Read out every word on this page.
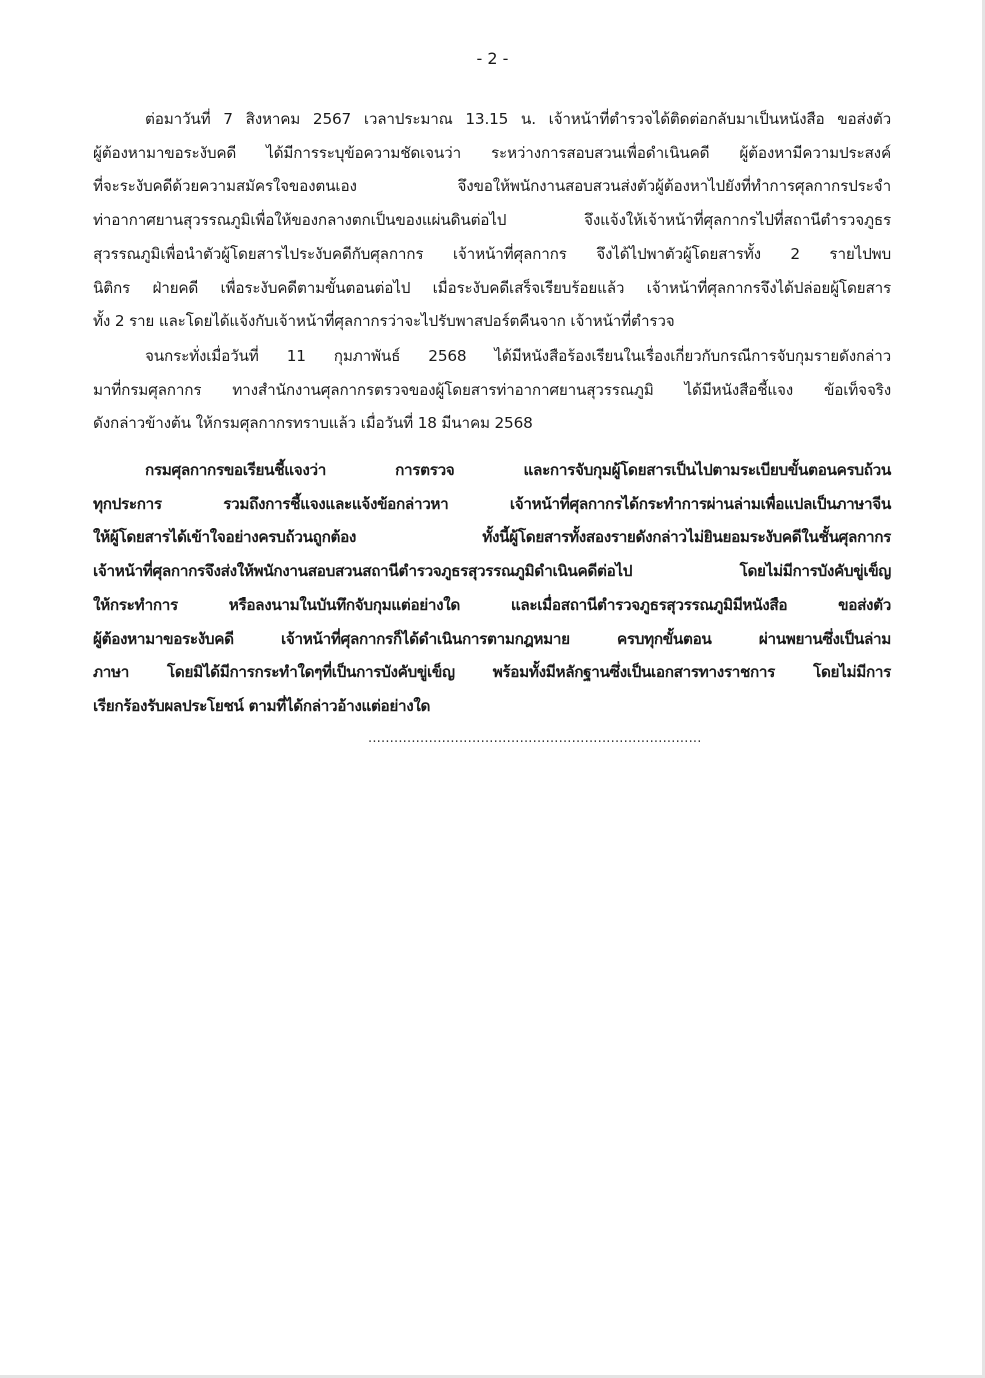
- 2 -
ต่อมาวันที่ 7 สิงหาคม 2567 เวลาประมาณ 13.15 น. เจ้าหน้าที่ตำรวจได้ติดต่อกลับมาเป็นหนังสือ ขอส่งตัว
ผู้ต้องหามาขอระงับคดี ได้มีการระบุข้อความชัดเจนว่า ระหว่างการสอบสวนเพื่อดำเนินคดี ผู้ต้องหามีความประสงค์
ที่จะระงับคดีด้วยความสมัครใจของตนเอง จึงขอให้พนักงานสอบสวนส่งตัวผู้ต้องหาไปยังที่ทำการศุลกากรประจำ
ท่าอากาศยานสุวรรณภูมิเพื่อให้ของกลางตกเป็นของแผ่นดินต่อไป จึงแจ้งให้เจ้าหน้าที่ศุลกากรไปที่สถานีตำรวจภูธร
สุวรรณภูมิเพื่อนำตัวผู้โดยสารไประงับคดีกับศุลกากร เจ้าหน้าที่ศุลกากร จึงได้ไปพาตัวผู้โดยสารทั้ง 2 รายไปพบ
นิติกร ฝ่ายคดี เพื่อระงับคดีตามขั้นตอนต่อไป เมื่อระงับคดีเสร็จเรียบร้อยแล้ว เจ้าหน้าที่ศุลกากรจึงได้ปล่อยผู้โดยสาร
ทั้ง 2 ราย และโดยได้แจ้งกับเจ้าหน้าที่ศุลกากรว่าจะไปรับพาสปอร์ตคืนจาก เจ้าหน้าที่ตำรวจ
จนกระทั่งเมื่อวันที่ 11 กุมภาพันธ์ 2568 ได้มีหนังสือร้องเรียนในเรื่องเกี่ยวกับกรณีการจับกุมรายดังกล่าว
มาที่กรมศุลกากร ทางสำนักงานศุลกากรตรวจของผู้โดยสารท่าอากาศยานสุวรรณภูมิ ได้มีหนังสือชี้แจง ข้อเท็จจริง
ดังกล่าวข้างต้น ให้กรมศุลกากรทราบแล้ว เมื่อวันที่ 18 มีนาคม 2568
กรมศุลกากรขอเรียนชี้แจงว่า การตรวจ และการจับกุมผู้โดยสารเป็นไปตามระเบียบขั้นตอนครบถ้วน
ทุกประการ รวมถึงการชี้แจงและแจ้งข้อกล่าวหา เจ้าหน้าที่ศุลกากรได้กระทำการผ่านล่ามเพื่อแปลเป็นภาษาจีน
ให้ผู้โดยสารได้เข้าใจอย่างครบถ้วนถูกต้อง ทั้งนี้ผู้โดยสารทั้งสองรายดังกล่าวไม่ยินยอมระงับคดีในชั้นศุลกากร
เจ้าหน้าที่ศุลกากรจึงส่งให้พนักงานสอบสวนสถานีตำรวจภูธรสุวรรณภูมิดำเนินคดีต่อไป โดยไม่มีการบังคับขู่เข็ญ
ให้กระทำการ หรือลงนามในบันทึกจับกุมแต่อย่างใด และเมื่อสถานีตำรวจภูธรสุวรรณภูมิมีหนังสือ ขอส่งตัว
ผู้ต้องหามาขอระงับคดี เจ้าหน้าที่ศุลกากรก็ได้ดำเนินการตามกฎหมาย ครบทุกขั้นตอน ผ่านพยานซึ่งเป็นล่าม
ภาษา โดยมิได้มีการกระทำใดๆที่เป็นการบังคับขู่เข็ญ พร้อมทั้งมีหลักฐานซึ่งเป็นเอกสารทางราชการ โดยไม่มีการ
เรียกร้องรับผลประโยชน์ ตามที่ได้กล่าวอ้างแต่อย่างใด
.............................................................................
